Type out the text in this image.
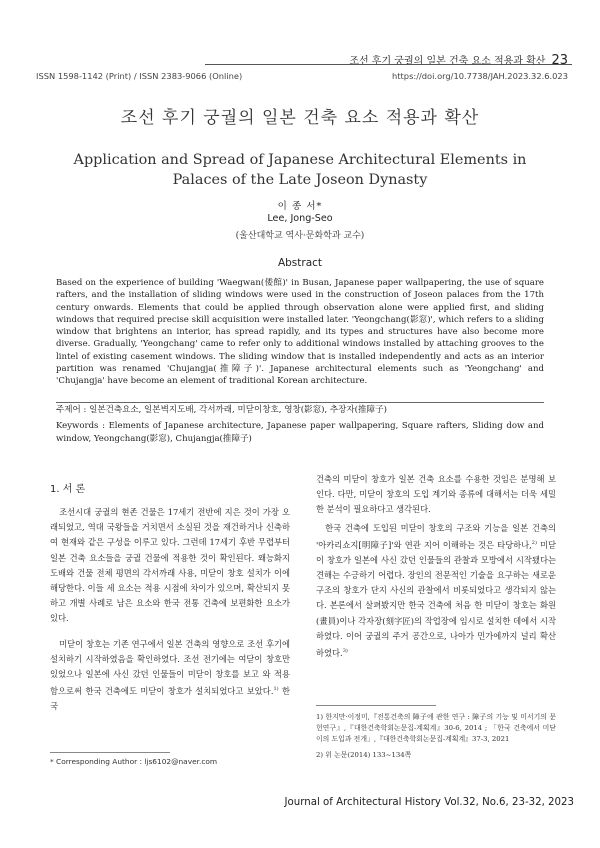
조선 후기 궁궐의 일본 건축 요소 적용과 확산 23
ISSN 1598-1142 (Print) / ISSN 2383-9066 (Online)	https://doi.org/10.7738/JAH.2023.32.6.023
조선 후기 궁궐의 일본 건축 요소 적용과 확산
Application and Spread of Japanese Architectural Elements in Palaces of the Late Joseon Dynasty
이 종 서*
Lee, Jong-Seo
(울산대학교 역사·문화학과 교수)
Abstract
Based on the experience of building 'Waegwan(倭館)' in Busan, Japanese paper wallpapering, the use of square rafters, and the installation of sliding windows were used in the construction of Joseon palaces from the 17th century onwards. Elements that could be applied through observation alone were applied first, and sliding windows that required precise skill acquisition were installed later. 'Yeongchang(影窓)', which refers to a sliding window that brightens an interior, has spread rapidly, and its types and structures have also become more diverse. Gradually, 'Yeongchang' came to refer only to additional windows installed by attaching grooves to the lintel of existing casement windows. The sliding window that is installed independently and acts as an interior partition was renamed 'Chujangja(推障子)'. Japanese architectural elements such as 'Yeongchang' and 'Chujangja' have become an element of traditional Korean architecture.
주제어 : 일본건축요소, 일본벽지도배, 각서까래, 미닫이창호, 영창(影窓), 추장자(推障子)
Keywords : Elements of Japanese architecture, Japanese paper wallpapering, Square rafters, Sliding dow and window, Yeongchang(影窓), Chujangja(推障子)
1. 서 론

조선시대 궁궐의 현존 건물은 17세기 전반에 지은 것이 가장 오래되었고, 역대 국왕들을 거치면서 소실된 것을 재건하거나 신축하여 현재와 같은 구성을 이루고 있다. 그런데 17세기 후반 무렵부터 일본 건축 요소들을 궁궐 건물에 적용한 것이 확인된다. 왜능화지 도배와 건물 전체 평면의 각서까래 사용, 미닫이 창호 설치가 이에 해당한다. 이들 세 요소는 적용 시점에 차이가 있으며, 확산되지 못하고 개별 사례로 남은 요소와 한국 전통 건축에 보편화한 요소가 있다.

미닫이 창호는 기존 연구에서 일본 건축의 영향으로 조선 후기에 설치하기 시작하였음을 확인하였다. 조선 전기에는 여닫이 창호만 있었으나 일본에 사신 갔던 인물들이 미닫이 창호를 보고 와 적용함으로써 한국 건축에도 미닫이 창호가 설치되었다고 보았다.$^{1)}$ 한국

* Corresponding Author : ljs6102@naver.com

건축의 미닫이 창호가 일본 건축 요소를 수용한 것임은 분명해 보인다. 다만, 미닫이 창호의 도입 계기와 종류에 대해서는 더욱 세밀한 분석이 필요하다고 생각된다.

한국 건축에 도입된 미닫이 창호의 구조와 기능을 일본 건축의 '아카리쇼지[明障子]'와 연관 지어 이해하는 것은 타당하나,$^{2)}$ 미닫이 창호가 일본에 사신 갔던 인물들의 관찰과 모방에서 시작됐다는 견해는 수긍하기 어렵다. 장인의 전문적인 기술을 요구하는 새로운 구조의 창호가 단지 사신의 관찰에서 비롯되었다고 생각되지 않는다. 본론에서 살펴봤지만 한국 건축에 처음 한 미닫이 창호는 화원(畫員)이나 각자장(刻字匠)의 작업장에 임시로 설치한 데에서 시작하였다. 이어 궁궐의 주거 공간으로, 나아가 민가에까지 널리 확산하였다.$^{3)}$

1) 한지만·이정미,『전통건축의 障子에 관한 연구 : 障子의 기능 및 미서기의 문헌연구』,『대한건축학회논문집-계획계』30-6, 2014 ; 「한국 건축에서 미닫이의 도입과 전개」,『대한건축학회논문집-계획계』37-3, 2021

2) 위 논문(2014) 133~134쪽

Journal of Architectural History Vol.32, No.6, 23-32, 2023
